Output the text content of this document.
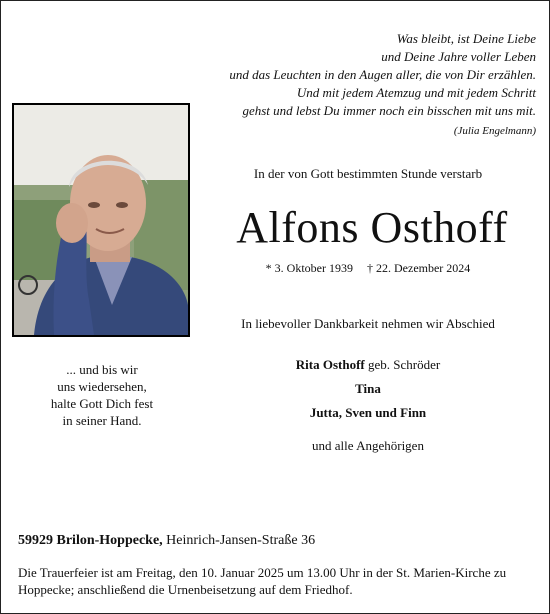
Was bleibt, ist Deine Liebe
und Deine Jahre voller Leben
und das Leuchten in den Augen aller, die von Dir erzählen.
Und mit jedem Atemzug und mit jedem Schritt
gehst und lebst Du immer noch ein bisschen mit uns mit.
(Julia Engelmann)
... und bis wir
uns wiedersehen,
halte Gott Dich fest
in seiner Hand.
In der von Gott bestimmten Stunde verstarb
Alfons Osthoff
* 3. Oktober 1939 † 22. Dezember 2024
In liebevoller Dankbarkeit nehmen wir Abschied
Rita Osthoff geb. Schröder
Tina
Jutta, Sven und Finn
und alle Angehörigen
59929 Brilon-Hoppecke, Heinrich-Jansen-Straße 36
Die Trauerfeier ist am Freitag, den 10. Januar 2025 um 13.00 Uhr in der St. Marien-Kirche zu Hoppecke; anschließend die Urnenbeisetzung auf dem Friedhof.
